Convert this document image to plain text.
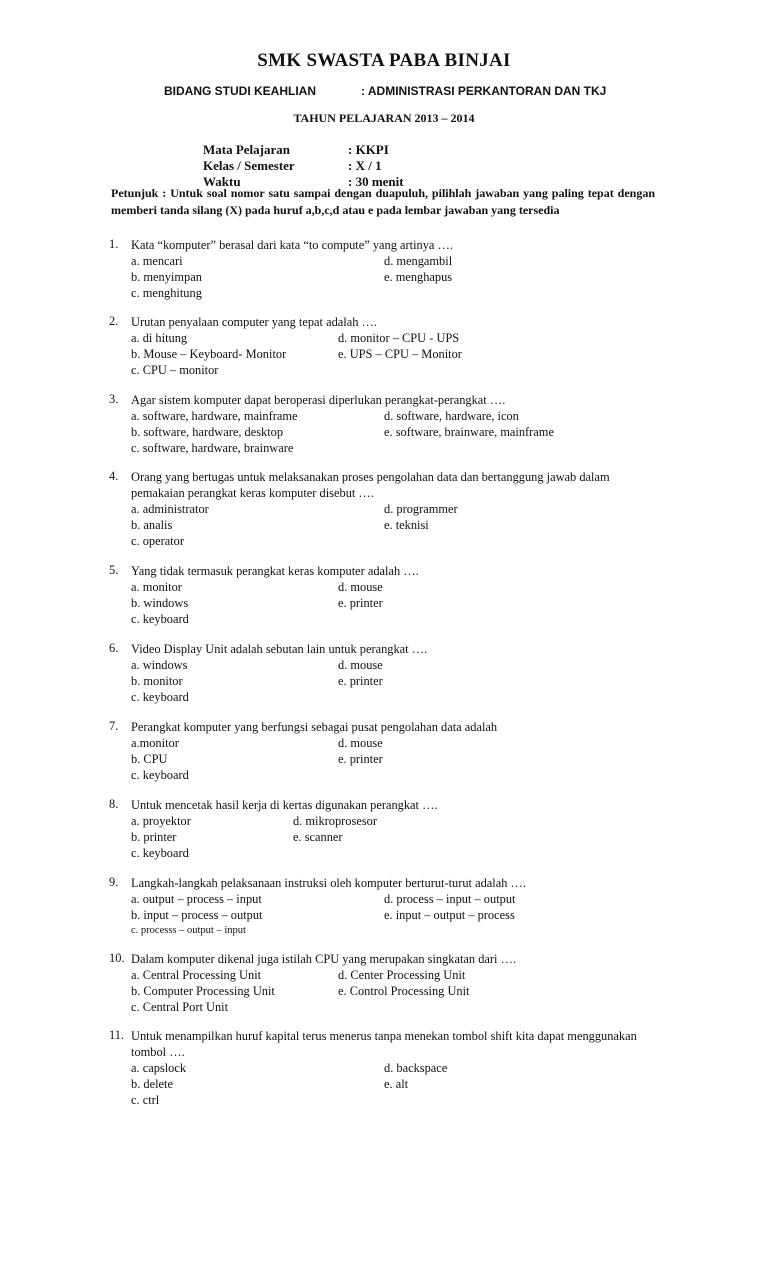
SMK SWASTA PABA BINJAI
BIDANG STUDI KEAHLIAN	: ADMINISTRASI PERKANTORAN DAN TKJ
TAHUN PELAJARAN 2013 – 2014
Mata Pelajaran	: KKPI
Kelas / Semester	: X / 1
Waktu	: 30 menit
Petunjuk : Untuk soal nomor satu sampai dengan duapuluh, pilihlah jawaban yang paling tepat dengan memberi tanda silang (X) pada huruf a,b,c,d atau e pada lembar jawaban yang tersedia
1. Kata “komputer” berasal dari kata “to compute” yang artinya ….
a. mencari
b. menyimpan
c. menghitung
d. mengambil
e. menghapus
2. Urutan penyalaan computer yang tepat adalah ….
a. di hitung
b. Mouse – Keyboard- Monitor
c. CPU – monitor
d. monitor – CPU - UPS
e. UPS – CPU – Monitor
3. Agar sistem komputer dapat beroperasi diperlukan perangkat-perangkat ….
a. software, hardware, mainframe
b. software, hardware, desktop
c. software, hardware, brainware
d. software, hardware, icon
e. software, brainware, mainframe
4. Orang yang bertugas untuk melaksanakan proses pengolahan data dan bertanggung jawab dalam pemakaian perangkat keras komputer disebut ….
a. administrator
b. analis
c. operator
d. programmer
e. teknisi
5. Yang tidak termasuk perangkat keras komputer adalah ….
a. monitor
b. windows
c. keyboard
d. mouse
e. printer
6. Video Display Unit adalah sebutan lain untuk perangkat ….
a. windows
b. monitor
c. keyboard
d. mouse
e. printer
7. Perangkat komputer yang berfungsi sebagai pusat pengolahan data adalah
a.monitor
b. CPU
c. keyboard
d. mouse
e. printer
8. Untuk mencetak hasil kerja di kertas digunakan perangkat ….
a. proyektor
b. printer
c. keyboard
d. mikroprosesor
e. scanner
9. Langkah-langkah pelaksanaan instruksi oleh komputer berturut-turut adalah ….
a. output – process – input
b. input – process – output
c. processs – output – input
d. process – input – output
e. input – output – process
10. Dalam komputer dikenal juga istilah CPU yang merupakan singkatan dari ….
a. Central Processing Unit
b. Computer Processing Unit
c. Central Port Unit
d. Center Processing Unit
e. Control Processing Unit
11. Untuk menampilkan huruf kapital terus menerus tanpa menekan tombol shift kita dapat menggunakan tombol ….
a. capslock
b. delete
c. ctrl
d. backspace
e. alt
